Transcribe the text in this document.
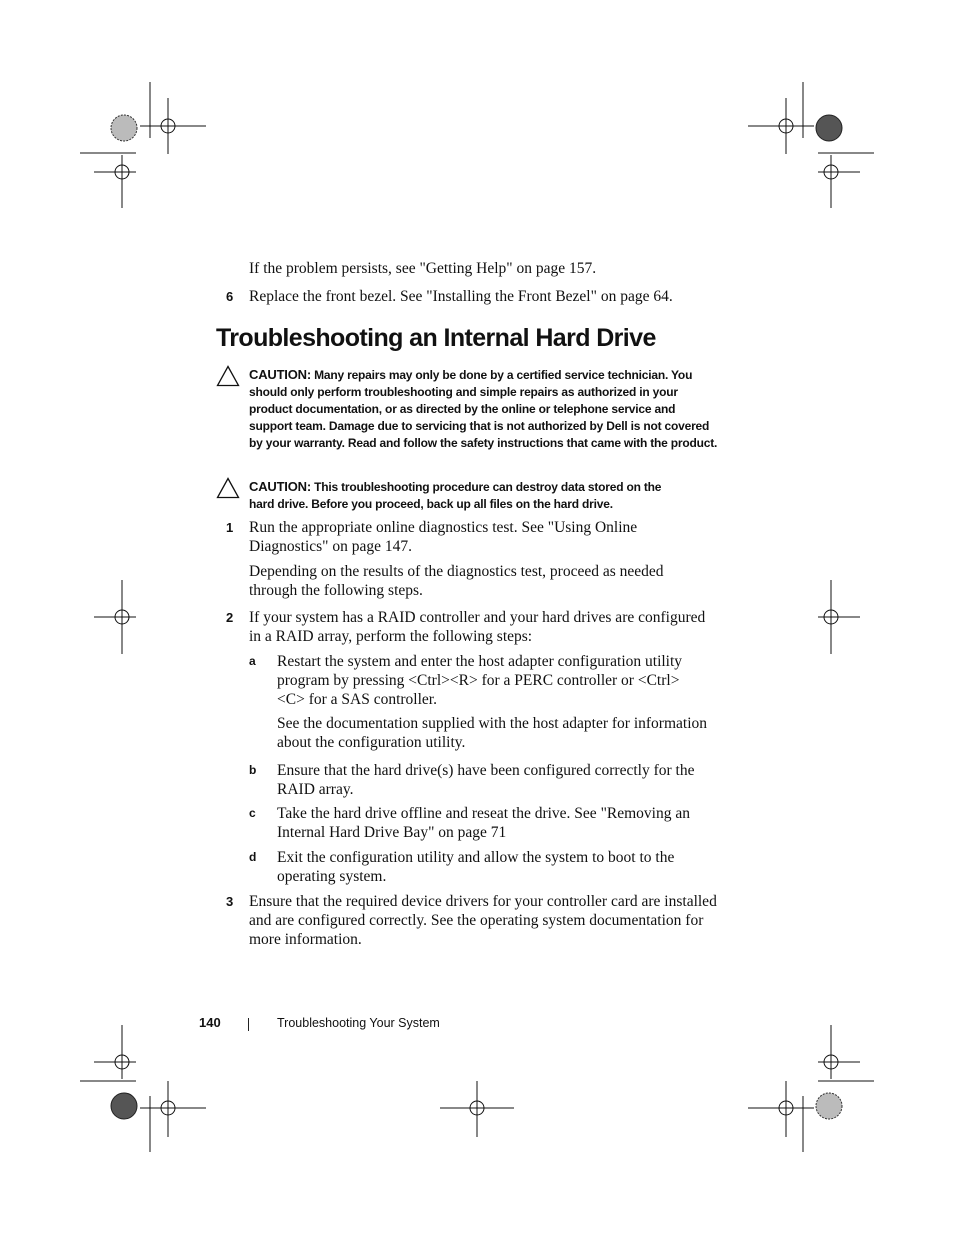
If the problem persists, see "Getting Help" on page 157.
6 Replace the front bezel. See "Installing the Front Bezel" on page 64.
Troubleshooting an Internal Hard Drive
CAUTION: Many repairs may only be done by a certified service technician. You should only perform troubleshooting and simple repairs as authorized in your product documentation, or as directed by the online or telephone service and support team. Damage due to servicing that is not authorized by Dell is not covered by your warranty. Read and follow the safety instructions that came with the product.
CAUTION: This troubleshooting procedure can destroy data stored on the hard drive. Before you proceed, back up all files on the hard drive.
1 Run the appropriate online diagnostics test. See "Using Online Diagnostics" on page 147.
Depending on the results of the diagnostics test, proceed as needed through the following steps.
2 If your system has a RAID controller and your hard drives are configured in a RAID array, perform the following steps:
a Restart the system and enter the host adapter configuration utility program by pressing <Ctrl><R> for a PERC controller or <Ctrl><C> for a SAS controller.
See the documentation supplied with the host adapter for information about the configuration utility.
b Ensure that the hard drive(s) have been configured correctly for the RAID array.
c Take the hard drive offline and reseat the drive. See "Removing an Internal Hard Drive Bay" on page 71
d Exit the configuration utility and allow the system to boot to the operating system.
3 Ensure that the required device drivers for your controller card are installed and are configured correctly. See the operating system documentation for more information.
140	Troubleshooting Your System
